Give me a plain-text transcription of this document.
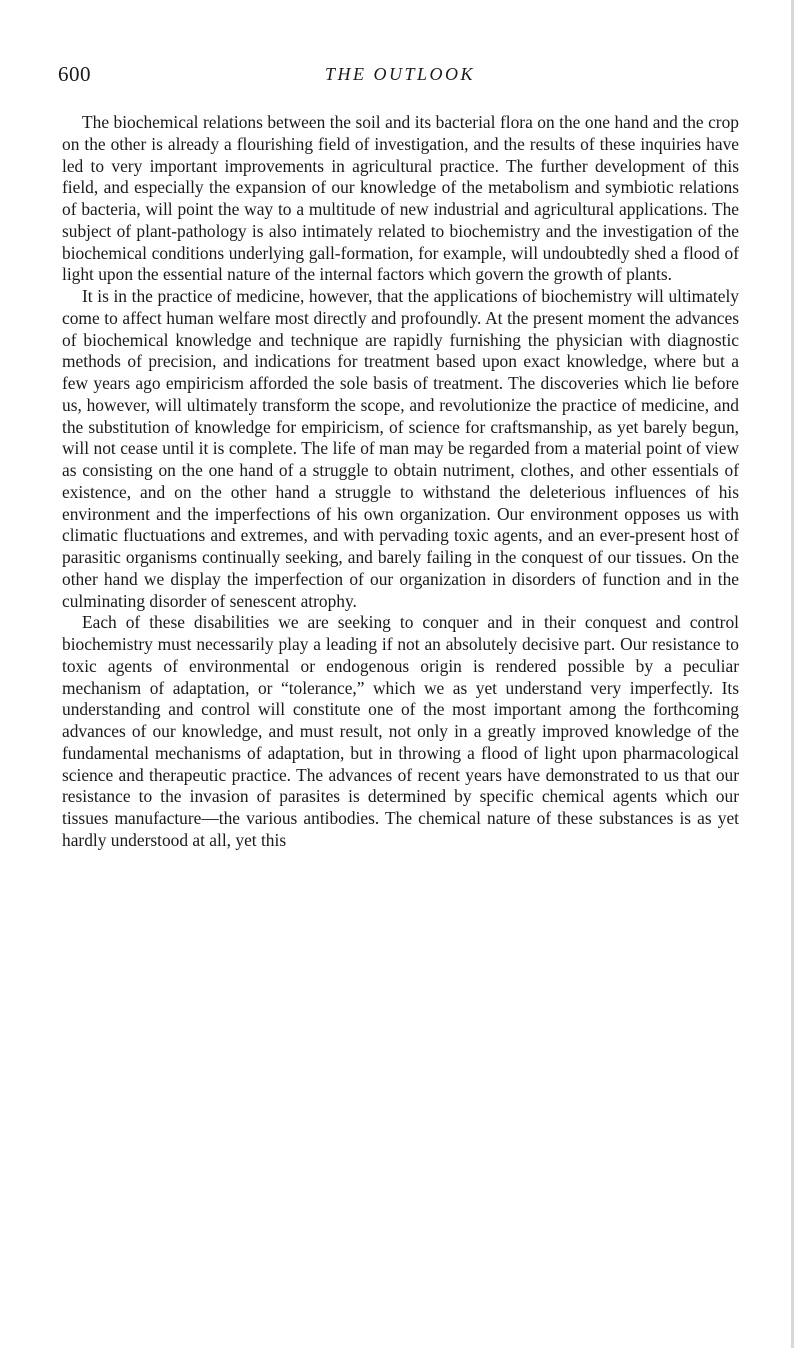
600	THE OUTLOOK

The biochemical relations between the soil and its bacterial flora on the one hand and the crop on the other is already a flourishing field of investigation, and the results of these inquiries have led to very important improvements in agricultural practice. The further development of this field, and especially the expansion of our knowledge of the metabolism and symbiotic relations of bacteria, will point the way to a multitude of new industrial and agricultural applications. The subject of plant-pathology is also intimately related to biochemistry and the investigation of the biochemical conditions underlying gall-formation, for example, will undoubtedly shed a flood of light upon the essential nature of the internal factors which govern the growth of plants.

It is in the practice of medicine, however, that the applications of biochemistry will ultimately come to affect human welfare most directly and profoundly. At the present moment the advances of biochemical knowledge and technique are rapidly furnishing the physician with diagnostic methods of precision, and indications for treatment based upon exact knowledge, where but a few years ago empiricism afforded the sole basis of treatment. The discoveries which lie before us, however, will ultimately transform the scope, and revolutionize the practice of medicine, and the substitution of knowledge for empiricism, of science for craftsmanship, as yet barely begun, will not cease until it is complete. The life of man may be regarded from a material point of view as consisting on the one hand of a struggle to obtain nutriment, clothes, and other essentials of existence, and on the other hand a struggle to withstand the deleterious influences of his environment and the imperfections of his own organization. Our environment opposes us with climatic fluctuations and extremes, and with pervading toxic agents, and an ever-present host of parasitic organisms continually seeking, and barely failing in the conquest of our tissues. On the other hand we display the imperfection of our organization in disorders of function and in the culminating disorder of senescent atrophy.

Each of these disabilities we are seeking to conquer and in their conquest and control biochemistry must necessarily play a leading if not an absolutely decisive part. Our resistance to toxic agents of environmental or endogenous origin is rendered possible by a peculiar mechanism of adaptation, or “tolerance,” which we as yet understand very imperfectly. Its understanding and control will constitute one of the most important among the forthcoming advances of our knowledge, and must result, not only in a greatly improved knowledge of the fundamental mechanisms of adaptation, but in throwing a flood of light upon pharmacological science and therapeutic practice. The advances of recent years have demonstrated to us that our resistance to the invasion of parasites is determined by specific chemical agents which our tissues manufacture—the various antibodies. The chemical nature of these substances is as yet hardly understood at all, yet this
